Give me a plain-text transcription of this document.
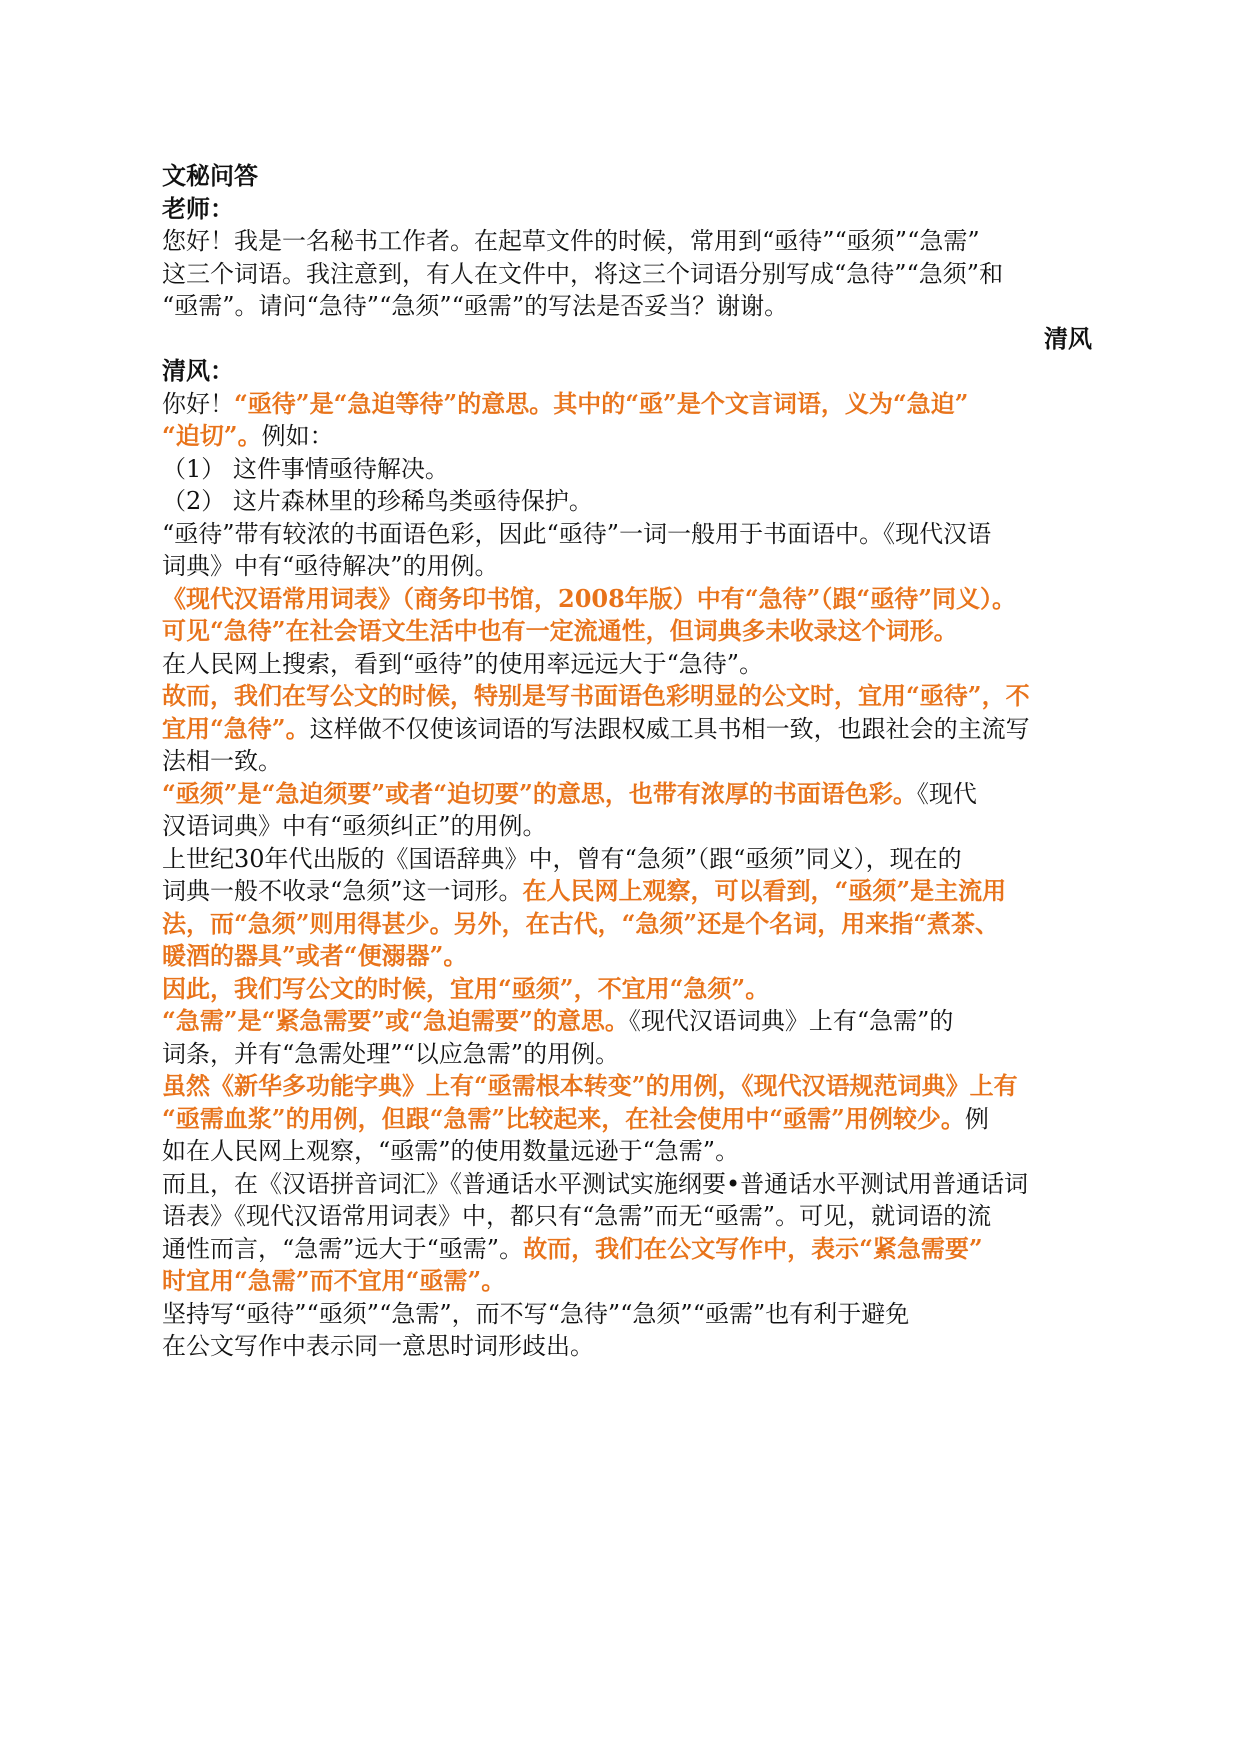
文秘问答

老师：

您好！我是一名秘书工作者。在起草文件的时候，常用到“亟待”“亟须”“急需”

这三个词语。我注意到，有人在文件中，将这三个词语分别写成“急待”“急须”和

“亟需”。请问“急待”“急须”“亟需”的写法是否妥当？谢谢。

清风

清风：

你好！“亟待”是“急迫等待”的意思。其中的“亟”是个文言词语，义为“急迫”

“迫切”。例如：

（1） 这件事情亟待解决。

（2） 这片森林里的珍稀鸟类亟待保护。

“亟待”带有较浓的书面语色彩，因此“亟待”一词一般用于书面语中。《现代汉语

词典》中有“亟待解决”的用例。

《现代汉语常用词表》（商务印书馆，2008年版）中有“急待”（跟“亟待”同义）。

可见“急待”在社会语文生活中也有一定流通性，但词典多未收录这个词形。

在人民网上搜索，看到“亟待”的使用率远远大于“急待”。

故而，我们在写公文的时候，特别是写书面语色彩明显的公文时，宜用“亟待”，不

宜用“急待”。这样做不仅使该词语的写法跟权威工具书相一致，也跟社会的主流写

法相一致。

“亟须”是“急迫须要”或者“迫切要”的意思，也带有浓厚的书面语色彩。《现代

汉语词典》中有“亟须纠正”的用例。

上世纪30年代出版的《国语辞典》中，曾有“急须”（跟“亟须”同义），现在的

词典一般不收录“急须”这一词形。在人民网上观察，可以看到，“亟须”是主流用

法，而“急须”则用得甚少。另外，在古代，“急须”还是个名词，用来指“煮茶、

暖酒的器具”或者“便溺器”。

因此，我们写公文的时候，宜用“亟须”，不宜用“急须”。

“急需”是“紧急需要”或“急迫需要”的意思。《现代汉语词典》上有“急需”的

词条，并有“急需处理”“以应急需”的用例。

虽然《新华多功能字典》上有“亟需根本转变”的用例，《现代汉语规范词典》上有

“亟需血浆”的用例，但跟“急需”比较起来，在社会使用中“亟需”用例较少。例

如在人民网上观察，“亟需”的使用数量远逊于“急需”。

而且，在《汉语拼音词汇》《普通话水平测试实施纲要•普通话水平测试用普通话词

语表》《现代汉语常用词表》中，都只有“急需”而无“亟需”。可见，就词语的流

通性而言，“急需”远大于“亟需”。故而，我们在公文写作中，表示“紧急需要”

时宜用“急需”而不宜用“亟需”。

坚持写“亟待”“亟须”“急需”，而不写“急待”“急须”“亟需”也有利于避免

在公文写作中表示同一意思时词形歧出。
